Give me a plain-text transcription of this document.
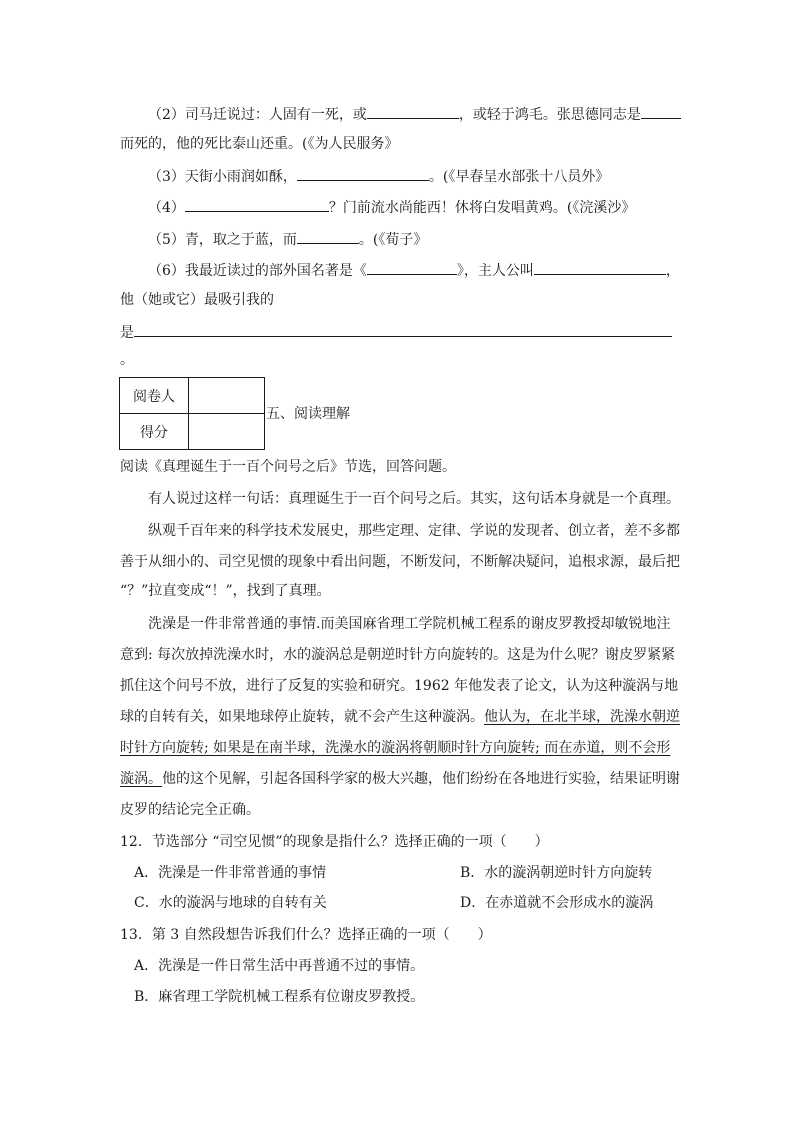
（2）司马迁说过：人固有一死，或	，或轻于鸿毛。张思德同志是
而死的，他的死比泰山还重。(《为人民服务》
（3）天街小雨润如酥，	。(《早春呈水部张十八员外》
（4）	？门前流水尚能西！休将白发唱黄鸡。(《浣溪沙》
（5）青，取之于蓝，而	。(《荀子》
（6）我最近读过的部外国名著是《	》，主人公叫	，
他（她或它）最吸引我的
是
。
阅卷人	
得分	
五、阅读理解
阅读《真理诞生于一百个问号之后》节选，回答问题。
有人说过这样一句话：真理诞生于一百个问号之后。其实，这句话本身就是一个真理。
纵观千百年来的科学技术发展史，那些定理、定律、学说的发现者、创立者，差不多都
善于从细小的、司空见惯的现象中看出问题，不断发问，不断解决疑问，追根求源，最后把
“？”拉直变成“！”，找到了真理。
洗澡是一件非常普通的事情.而美国麻省理工学院机械工程系的谢皮罗教授却敏锐地注
意到: 每次放掉洗澡水时，水的漩涡总是朝逆时针方向旋转的。这是为什么呢？谢皮罗紧紧
抓住这个问号不放，进行了反复的实验和研究。1962 年他发表了论文，认为这种漩涡与地
球的自转有关，如果地球停止旋转，就不会产生这种漩涡。他认为，在北半球，洗澡水朝逆
时针方向旋转; 如果是在南半球，洗澡水的漩涡将朝顺时针方向旋转; 而在赤道，则不会形
漩涡。他的这个见解，引起各国科学家的极大兴趣，他们纷纷在各地进行实验，结果证明谢
皮罗的结论完全正确。
12．节选部分 “司空见惯”的现象是指什么？选择正确的一项（　　）
A．洗澡是一件非常普通的事情	B．水的漩涡朝逆时针方向旋转
C．水的漩涡与地球的自转有关	D．在赤道就不会形成水的漩涡
13．第 3 自然段想告诉我们什么？选择正确的一项（　　）
A．洗澡是一件日常生活中再普通不过的事情。
B．麻省理工学院机械工程系有位谢皮罗教授。
